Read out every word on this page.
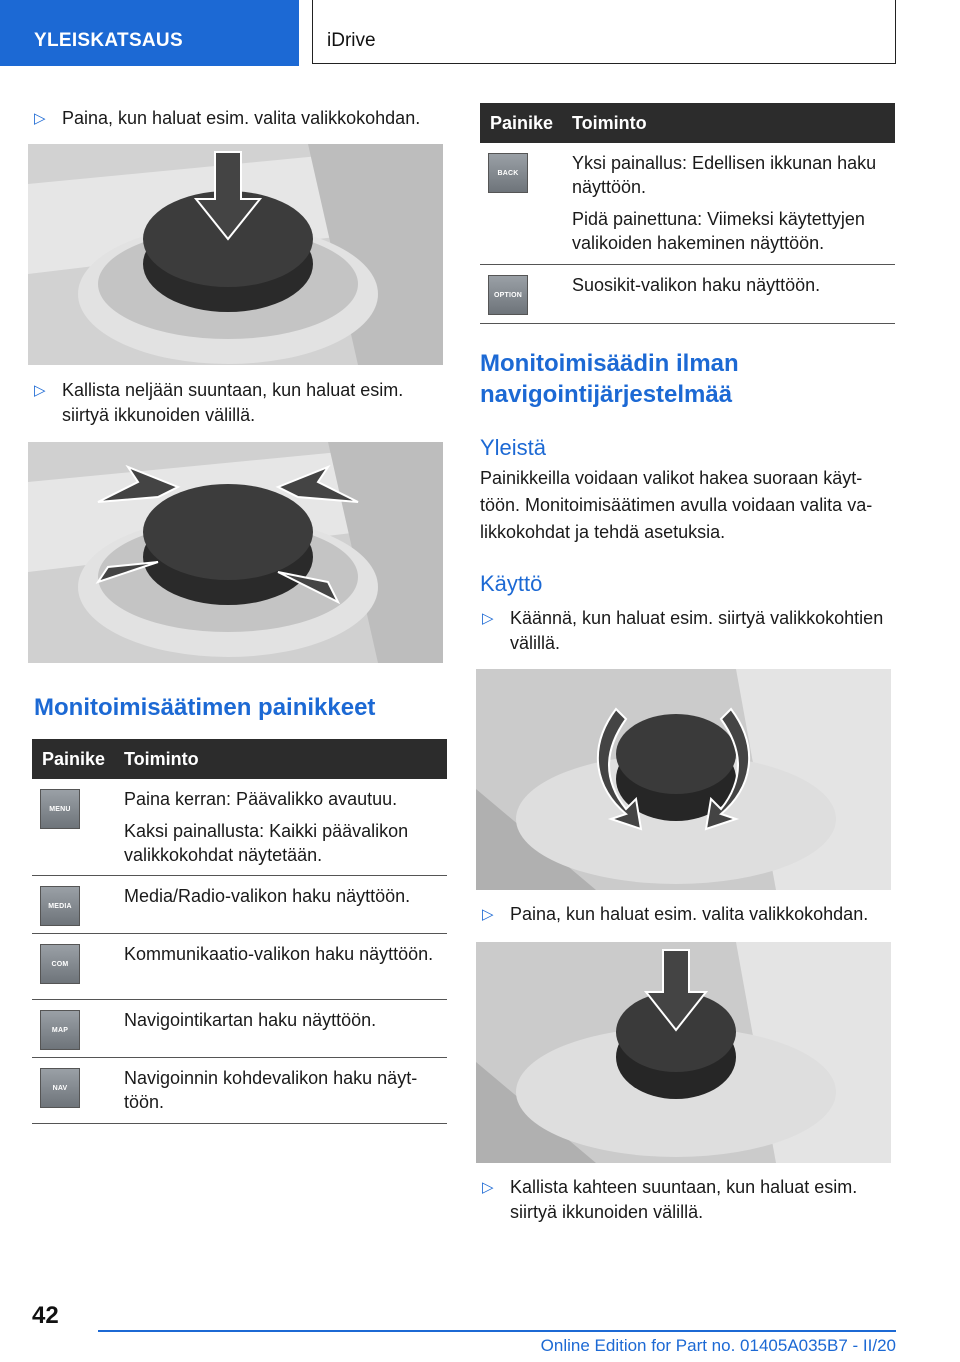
YLEISKATSAUS	iDrive
▷ Paina, kun haluat esim. valita valikkokohdan.
▷ Kallista neljään suuntaan, kun haluat esim. siirtyä ikkunoiden välillä.
Monitoimisäätimen painikkeet
Painike	Toiminto
MENU	Paina kerran: Päävalikko avautuu.

Kaksi painallusta: Kaikki päävalikon valikkokohdat näytetään.

MEDIA	Media/Radio-valikon haku näyttöön.

COM	Kommunikaatio-valikon haku näyttöön.

MAP	Navigointikartan haku näyttöön.

NAV	Navigoinnin kohdevalikon haku näyttöön.

Painike	Toiminto
BACK	Yksi painallus: Edellisen ikkunan haku näyttöön.

Pidä painettuna: Viimeksi käytettyjen valikoiden hakeminen näyttöön.

OPTION	Suosikit-valikon haku näyttöön.

Monitoimisäädin ilman navigointijärjestelmää
Yleistä
Painikkeilla voidaan valikot hakea suoraan käyttöön. Monitoimisäätimen avulla voidaan valita valikkokohdat ja tehdä asetuksia.
Käyttö
▷ Käännä, kun haluat esim. siirtyä valikkokohtien välillä.
▷ Paina, kun haluat esim. valita valikkokohdan.
▷ Kallista kahteen suuntaan, kun haluat esim. siirtyä ikkunoiden välillä.
42
Online Edition for Part no. 01405A035B7 - II/20
